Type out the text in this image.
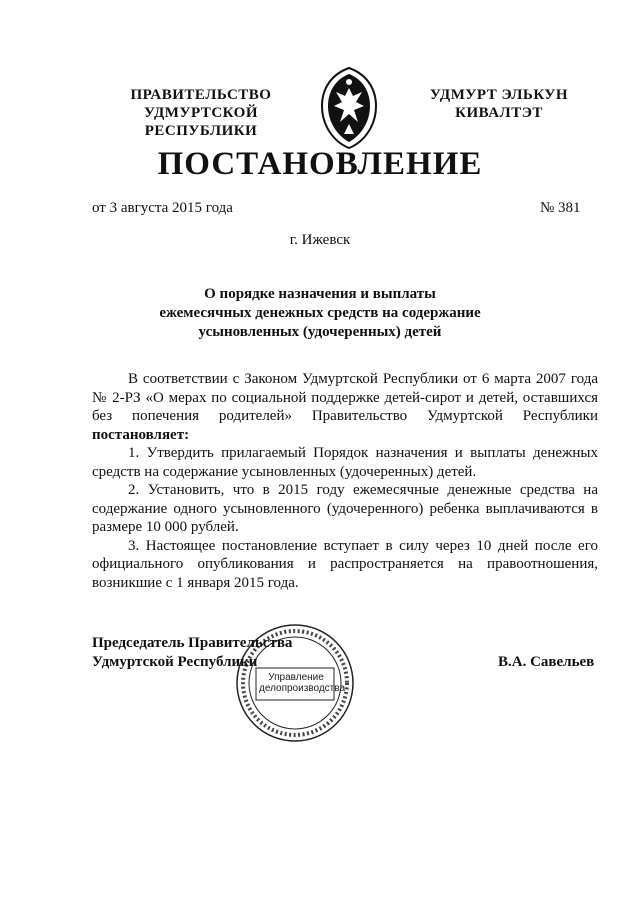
ПРАВИТЕЛЬСТВО
УДМУРТСКОЙ РЕСПУБЛИКИ
УДМУРТ ЭЛЬКУН
КИВАЛТЭТ
ПОСТАНОВЛЕНИЕ
от 3 августа 2015 года	№ 381
г. Ижевск
О порядке назначения и выплаты
ежемесячных денежных средств на содержание
усыновленных (удочеренных) детей

В соответствии с Законом Удмуртской Республики от 6 марта 2007 года № 2-РЗ «О мерах по социальной поддержке детей-сирот и детей, оставшихся без попечения родителей» Правительство Удмуртской Республики постановляет:

1. Утвердить прилагаемый Порядок назначения и выплаты денежных средств на содержание усыновленных (удочеренных) детей.

2. Установить, что в 2015 году ежемесячные денежные средства на содержание одного усыновленного (удочеренного) ребенка выплачиваются в размере 10 000 рублей.

3. Настоящее постановление вступает в силу через 10 дней после его официального опубликования и распространяется на правоотношения, возникшие с 1 января 2015 года.

Управление
делопроизводства
Председатель Правительства
Удмуртской Республики	В.А. Савельев
